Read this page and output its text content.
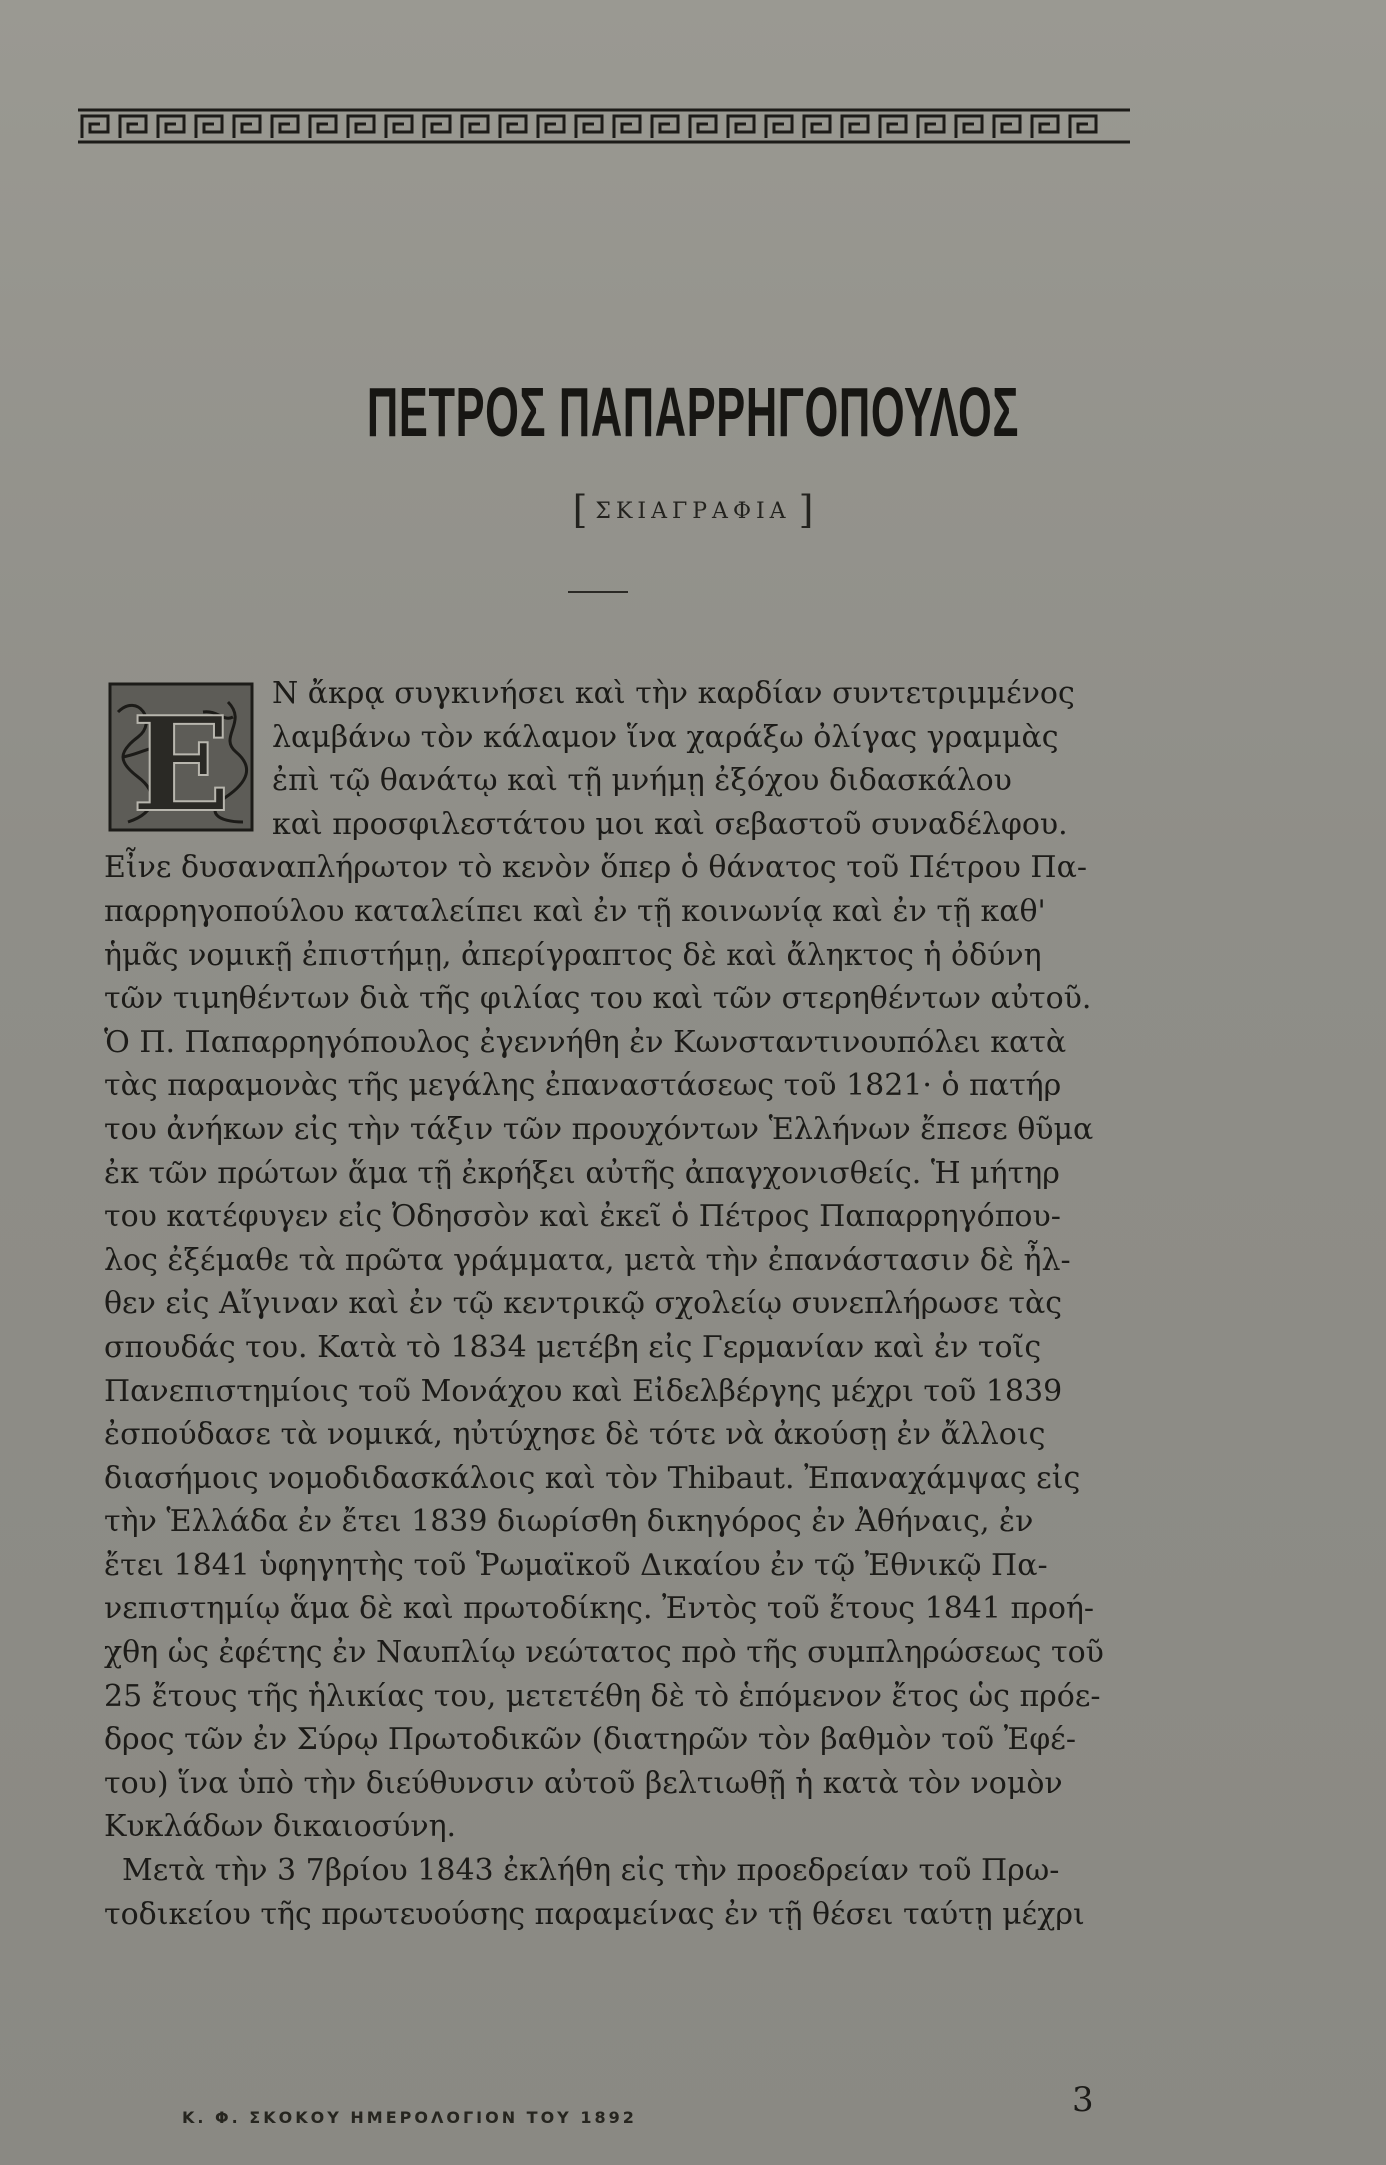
ΠΕΤΡΟΣ ΠΑΠΑΡΡΗΓΟΠΟΥΛΟΣ
[ ΣΚΙΑΓΡΑΦΙΑ ]
Ε	Ν ἄκρᾳ συγκινήσει καὶ τὴν καρδίαν συντετριμμένος
λαμβάνω τὸν κάλαμον ἵνα χαράξω ὀλίγας γραμμὰς
ἐπὶ τῷ θανάτῳ καὶ τῇ μνήμῃ ἐξόχου διδασκάλου
καὶ προσφιλεστάτου μοι καὶ σεβαστοῦ συναδέλφου.
Εἶνε δυσαναπλήρωτον τὸ κενὸν ὅπερ ὁ θάνατος τοῦ Πέτρου Πα-
παρρηγοπούλου καταλείπει καὶ ἐν τῇ κοινωνίᾳ καὶ ἐν τῇ καθ'
ἡμᾶς νομικῇ ἐπιστήμῃ, ἀπερίγραπτος δὲ καὶ ἄληκτος ἡ ὀδύνη
τῶν τιμηθέντων διὰ τῆς φιλίας του καὶ τῶν στερηθέντων αὐτοῦ.
Ὁ Π. Παπαρρηγόπουλος ἐγεννήθη ἐν Κωνσταντινουπόλει κατὰ
τὰς παραμονὰς τῆς μεγάλης ἐπαναστάσεως τοῦ 1821· ὁ πατήρ
του ἀνήκων εἰς τὴν τάξιν τῶν προυχόντων Ἑλλήνων ἔπεσε θῦμα
ἐκ τῶν πρώτων ἅμα τῇ ἐκρήξει αὐτῆς ἀπαγχονισθείς. Ἡ μήτηρ
του κατέφυγεν εἰς Ὀδησσὸν καὶ ἐκεῖ ὁ Πέτρος Παπαρρηγόπου-
λος ἐξέμαθε τὰ πρῶτα γράμματα, μετὰ τὴν ἐπανάστασιν δὲ ἦλ-
θεν εἰς Αἴγιναν καὶ ἐν τῷ κεντρικῷ σχολείῳ συνεπλήρωσε τὰς
σπουδάς του. Κατὰ τὸ 1834 μετέβη εἰς Γερμανίαν καὶ ἐν τοῖς
Πανεπιστημίοις τοῦ Μονάχου καὶ Εἰδελβέργης μέχρι τοῦ 1839
ἐσπούδασε τὰ νομικά, ηὐτύχησε δὲ τότε νὰ ἀκούσῃ ἐν ἄλλοις
διασήμοις νομοδιδασκάλοις καὶ τὸν Thibaut. Ἐπαναχάμψας εἰς
τὴν Ἑλλάδα ἐν ἔτει 1839 διωρίσθη δικηγόρος ἐν Ἀθήναις, ἐν
ἔτει 1841 ὑφηγητὴς τοῦ Ῥωμαϊκοῦ Δικαίου ἐν τῷ Ἐθνικῷ Πα-
νεπιστημίῳ ἅμα δὲ καὶ πρωτοδίκης. Ἐντὸς τοῦ ἔτους 1841 προή-
χθη ὡς ἐφέτης ἐν Ναυπλίῳ νεώτατος πρὸ τῆς συμπληρώσεως τοῦ
25 ἔτους τῆς ἡλικίας του, μετετέθη δὲ τὸ ἑπόμενον ἔτος ὡς πρόε-
δρος τῶν ἐν Σύρῳ Πρωτοδικῶν (διατηρῶν τὸν βαθμὸν τοῦ Ἐφέ-
του) ἵνα ὑπὸ τὴν διεύθυνσιν αὐτοῦ βελτιωθῇ ἡ κατὰ τὸν νομὸν
Κυκλάδων δικαιοσύνη.
Μετὰ τὴν 3 7βρίου 1843 ἐκλήθη εἰς τὴν προεδρείαν τοῦ Πρω-
τοδικείου τῆς πρωτευούσης παραμείνας ἐν τῇ θέσει ταύτῃ μέχρι
Κ. Φ. ΣΚΟΚΟΥ ΗΜΕΡΟΛΟΓΙΟΝ ΤΟΥ 1892	3
